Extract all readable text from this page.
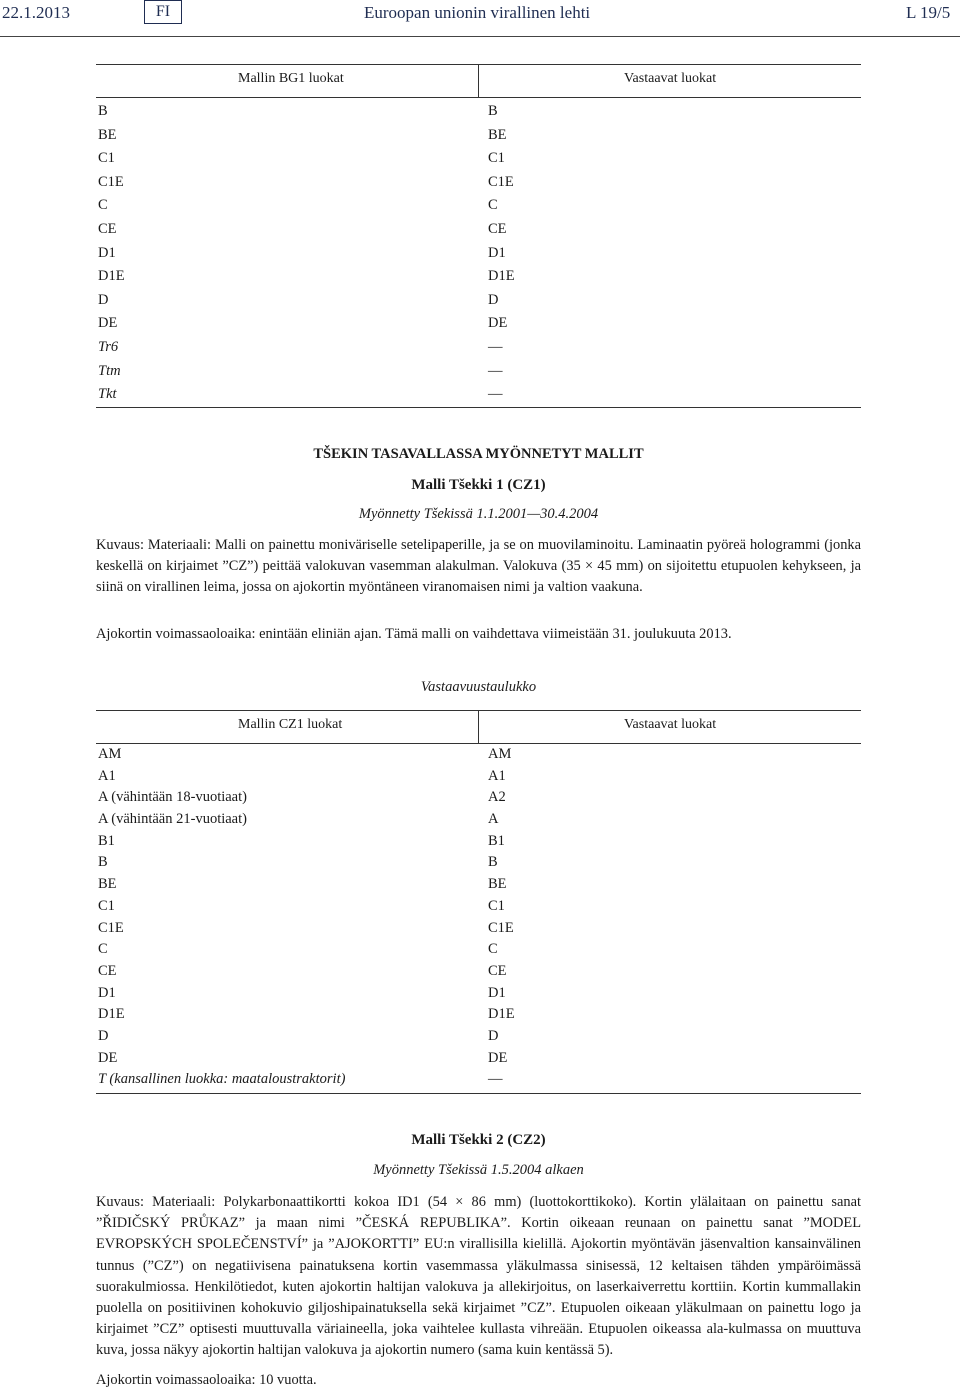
22.1.2013	FI	Euroopan unionin virallinen lehti	L 19/5
Mallin BG1 luokat	Vastaavat luokat
B	B
BE	BE
C1	C1
C1E	C1E
C	C
CE	CE
D1	D1
D1E	D1E
D	D
DE	DE
Tr6	—
Ttm	—
Tkt	—
TŠEKIN TASAVALLASSA MYÖNNETYT MALLIT
Malli Tšekki 1 (CZ1)
Myönnetty Tšekissä 1.1.2001—30.4.2004
Kuvaus: Materiaali: Malli on painettu moniväriselle setelipaperille, ja se on muovilaminoitu. Laminaatin pyöreä hologrammi (jonka keskellä on kirjaimet ”CZ”) peittää valokuvan vasemman alakulman. Valokuva (35 × 45 mm) on sijoitettu etupuolen kehykseen, ja siinä on virallinen leima, jossa on ajokortin myöntäneen viranomaisen nimi ja valtion vaakuna.
Ajokortin voimassaoloaika: enintään eliniän ajan. Tämä malli on vaihdettava viimeistään 31. joulukuuta 2013.
Vastaavuustaulukko
Mallin CZ1 luokat	Vastaavat luokat
AM	AM
A1	A1
A (vähintään 18-vuotiaat)	A2
A (vähintään 21-vuotiaat)	A
B1	B1
B	B
BE	BE
C1	C1
C1E	C1E
C	C
CE	CE
D1	D1
D1E	D1E
D	D
DE	DE
T (kansallinen luokka: maataloustraktorit)	—
Malli Tšekki 2 (CZ2)
Myönnetty Tšekissä 1.5.2004 alkaen
Kuvaus: Materiaali: Polykarbonaattikortti kokoa ID1 (54 × 86 mm) (luottokorttikoko). Kortin ylälaitaan on painettu sanat ”ŘIDIČSKÝ PRŮKAZ” ja maan nimi ”ČESKÁ REPUBLIKA”. Kortin oikeaan reunaan on painettu sanat ”MODEL EVROPSKÝCH SPOLEČENSTVÍ” ja ”AJOKORTTI” EU:n virallisilla kielillä. Ajokortin myöntävän jäsenvaltion kansainvälinen tunnus (”CZ”) on negatiivisena painatuksena kortin vasemmassa yläkulmassa sinisessä, 12 keltaisen tähden ympäröimässä suorakulmiossa. Henkilötiedot, kuten ajokortin haltijan valokuva ja allekirjoitus, on laserkaiverrettu korttiin. Kortin kummallakin puolella on positiivinen kohokuvio giljoshipainatuksella sekä kirjaimet ”CZ”. Etupuolen oikeaan yläkulmaan on painettu logo ja kirjaimet ”CZ” optisesti muuttuvalla väriaineella, joka vaihtelee kullasta vihreään. Etupuolen oikeassa ala-kulmassa on muuttuva kuva, jossa näkyy ajokortin haltijan valokuva ja ajokortin numero (sama kuin kentässä 5).
Ajokortin voimassaoloaika: 10 vuotta.
